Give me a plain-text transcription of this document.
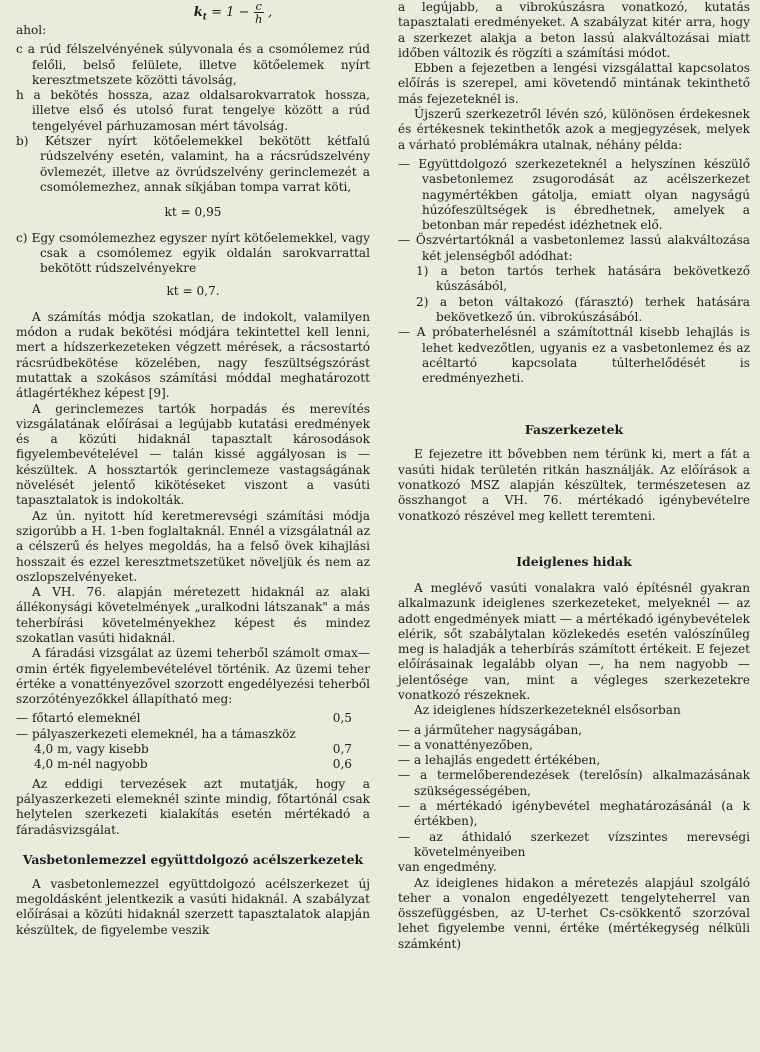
$k_t = 1 - \frac{c}{h}$ ,

ahol:

c a rúd félszelvényének súlyvonala és a csomólemez rúd felőli, belső felülete, illetve kötőelemek nyírt keresztmetszete közötti távolság,

h a bekötés hossza, azaz oldalsarokvarratok hossza, illetve első és utolsó furat tengelye között a rúd tengelyével párhuzamosan mért távolság.

b) Kétszer nyírt kötőelemekkel bekötött kétfalú rúdszelvény esetén, valamint, ha a rácsrúdszelvény övlemezét, illetve az övrúdszelvény gerinclemezét a csomólemezhez, annak síkjában tompa varrat köti,

kt = 0,95

c) Egy csomólemezhez egyszer nyírt kötőelemekkel, vagy csak a csomólemez egyik oldalán sarokvarrattal bekötött rúdszelvényekre

kt = 0,7.

A számítás módja szokatlan, de indokolt, valamilyen módon a rudak bekötési módjára tekintettel kell lenni, mert a hídszerkezeteken végzett mérések, a rácsostartó rácsrúdbekötése közelében, nagy feszültségszórást mutattak a szokásos számítási móddal meghatározott átlagértékhez képest [9].

A gerinclemezes tartók horpadás és merevítés vizsgálatának előírásai a legújabb kutatási eredmények és a közúti hidaknál tapasztalt károsodások figyelembevételével — talán kissé aggályosan is — készültek. A hossztartók gerinclemeze vastagságának növelését jelentő kikötéseket viszont a vasúti tapasztalatok is indokolták.

Az ún. nyitott híd keretmerevségi számítási módja szigorúbb a H. 1-ben foglaltaknál. Ennél a vizsgálatnál az a célszerű és helyes megoldás, ha a felső övek kihajlási hosszait és ezzel keresztmetszetüket növeljük és nem az oszlopszelvényeket.

A VH. 76. alapján méretezett hidaknál az alaki állékonysági követelmények „uralkodni látszanak" a más teherbírási követelményekhez képest és mindez szokatlan vasúti hidaknál.

A fáradási vizsgálat az üzemi teherből számolt σmax—σmin érték figyelembevételével történik. Az üzemi teher értéke a vonattényezővel szorzott engedélyezési teherből szorzótényezőkkel állapítható meg:

— főtartó elemeknél	0,5
— pályaszerkezeti elemeknél, ha a támaszköz
4,0 m, vagy kisebb	0,7
4,0 m-nél nagyobb	0,6

Az eddigi tervezések azt mutatják, hogy a pályaszerkezeti elemeknél szinte mindig, főtartónál csak helytelen szerkezeti kialakítás esetén mértékadó a fáradásvizsgálat.

Vasbetonlemezzel együttdolgozó acélszerkezetek

A vasbetonlemezzel együttdolgozó acélszerkezet új megoldásként jelentkezik a vasúti hidaknál. A szabályzat előírásai a közúti hidaknál szerzett tapasztalatok alapján készültek, de figyelembe veszik

a legújabb, a vibrokúszásra vonatkozó, kutatás tapasztalati eredményeket. A szabályzat kitér arra, hogy a szerkezet alakja a beton lassú alakváltozásai miatt időben változik és rögzíti a számítási módot.

Ebben a fejezetben a lengési vizsgálattal kapcsolatos előírás is szerepel, ami követendő mintának tekinthető más fejezeteknél is.

Újszerű szerkezetről lévén szó, különösen érdekesnek és értékesnek tekinthetők azok a megjegyzések, melyek a várható problémákra utalnak, néhány példa:

— Együttdolgozó szerkezeteknél a helyszínen készülő vasbetonlemez zsugorodását az acélszerkezet nagymértékben gátolja, emiatt olyan nagyságú húzófeszültségek is ébredhetnek, amelyek a betonban már repedést idézhetnek elő.

— Öszvértartóknál a vasbetonlemez lassú alakváltozása két jelenségből adódhat:

1) a beton tartós terhek hatására bekövetkező kúszásából,

2) a beton váltakozó (fárasztó) terhek hatására bekövetkező ún. vibrokúszásából.

— A próbaterhelésnél a számítottnál kisebb lehajlás is lehet kedvezőtlen, ugyanis ez a vasbetonlemez és az acéltartó kapcsolata túlterhelődését is eredményezheti.

Faszerkezetek

E fejezetre itt bővebben nem térünk ki, mert a fát a vasúti hidak területén ritkán használják. Az előírások a vonatkozó MSZ alapján készültek, természetesen az összhangot a VH. 76. mértékadó igénybevételre vonatkozó részével meg kellett teremteni.

Ideiglenes hidak

A meglévő vasúti vonalakra való építésnél gyakran alkalmazunk ideiglenes szerkezeteket, melyeknél — az adott engedmények miatt — a mértékadó igénybevételek elérik, sőt szabálytalan közlekedés esetén valószínűleg meg is haladják a teherbírás számított értékeit. E fejezet előírásainak legalább olyan —, ha nem nagyobb — jelentősége van, mint a végleges szerkezetekre vonatkozó részeknek.

Az ideiglenes hídszerkezeteknél elsősorban

— a járműteher nagyságában,

— a vonattényezőben,

— a lehajlás engedett értékében,

— a termelőberendezések (terelősín) alkalmazásának szükségességében,

— a mértékadó igénybevétel meghatározásánál (a k értékben),

— az áthidaló szerkezet vízszintes merevségi követelményeiben

van engedmény.

Az ideiglenes hidakon a méretezés alapjául szolgáló teher a vonalon engedélyezett tengelyteherrel van összefüggésben, az U-terhet Cs-csökkentő szorzóval lehet figyelembe venni, értéke (mértékegység nélküli számként)
